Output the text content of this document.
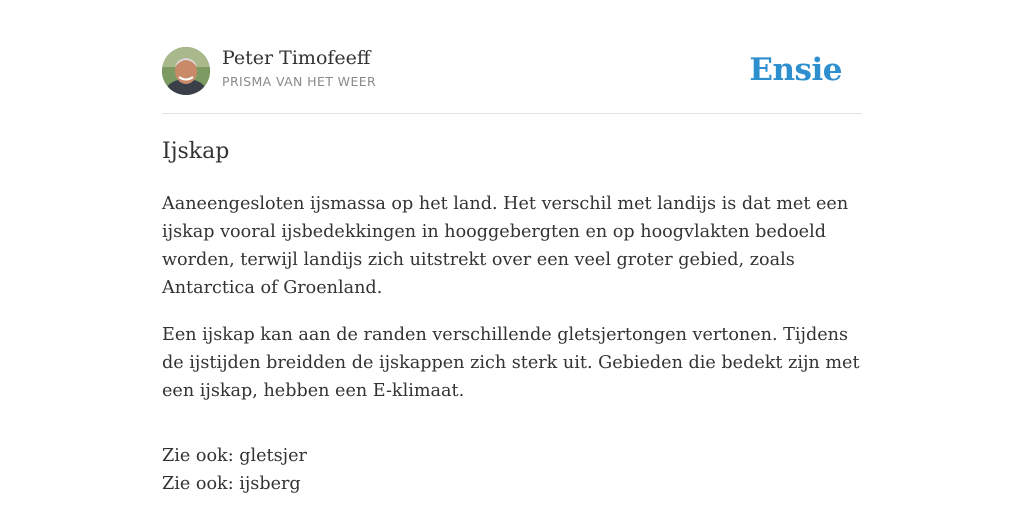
Peter Timofeeff
PRISMA VAN HET WEER	Ensie
Ijskap

Aaneengesloten ijsmassa op het land. Het verschil met landijs is dat met een ijskap vooral ijsbedekkingen in hooggebergten en op hoogvlakten bedoeld worden, terwijl landijs zich uitstrekt over een veel groter gebied, zoals Antarctica of Groenland.

Een ijskap kan aan de randen verschillende gletsjertongen vertonen. Tijdens de ijstijden breidden de ijskappen zich sterk uit. Gebieden die bedekt zijn met een ijskap, hebben een E-klimaat.

Zie ook: gletsjer
Zie ook: ijsberg
